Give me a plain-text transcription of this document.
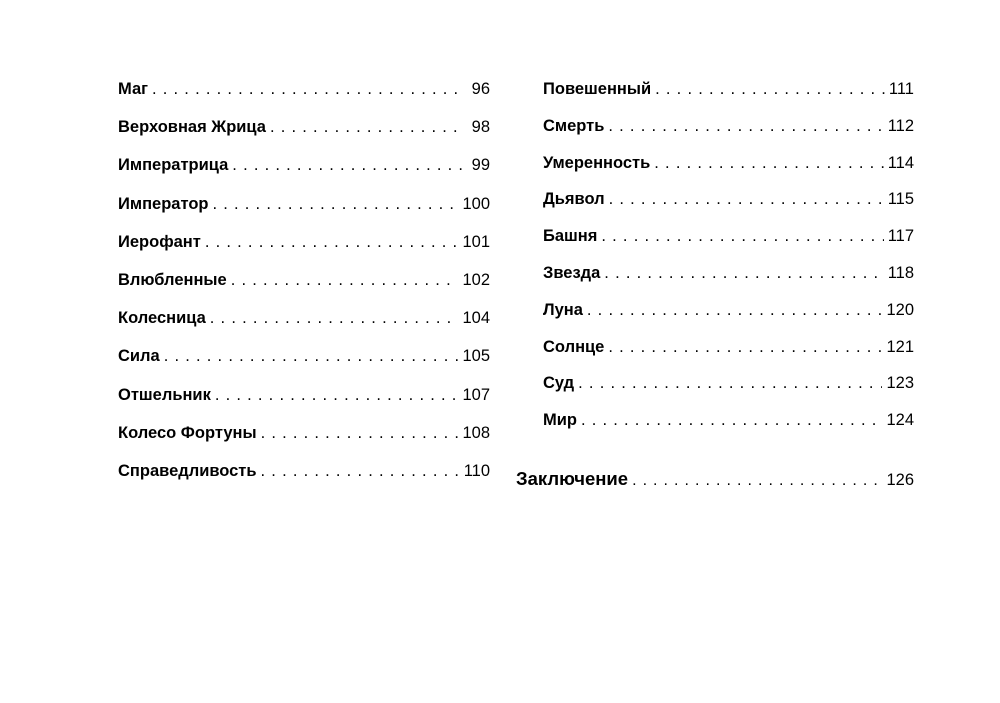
Маг . . .	96
Верховная Жрица . . .	98
Императрица . . .	99
Император . . .	100
Иерофант . . .	101
Влюбленные . . .	102
Колесница . . .	104
Сила . . .	105
Отшельник . . .	107
Колесо Фортуны . . .	108
Справедливость . . .	110
Повешенный . . .	111
Смерть . . .	112
Умеренность . . .	114
Дьявол . . .	115
Башня . . .	117
Звезда . . .	118
Луна . . .	120
Солнце . . .	121
Суд . . .	123
Мир . . .	124
Заключение . . .	126
